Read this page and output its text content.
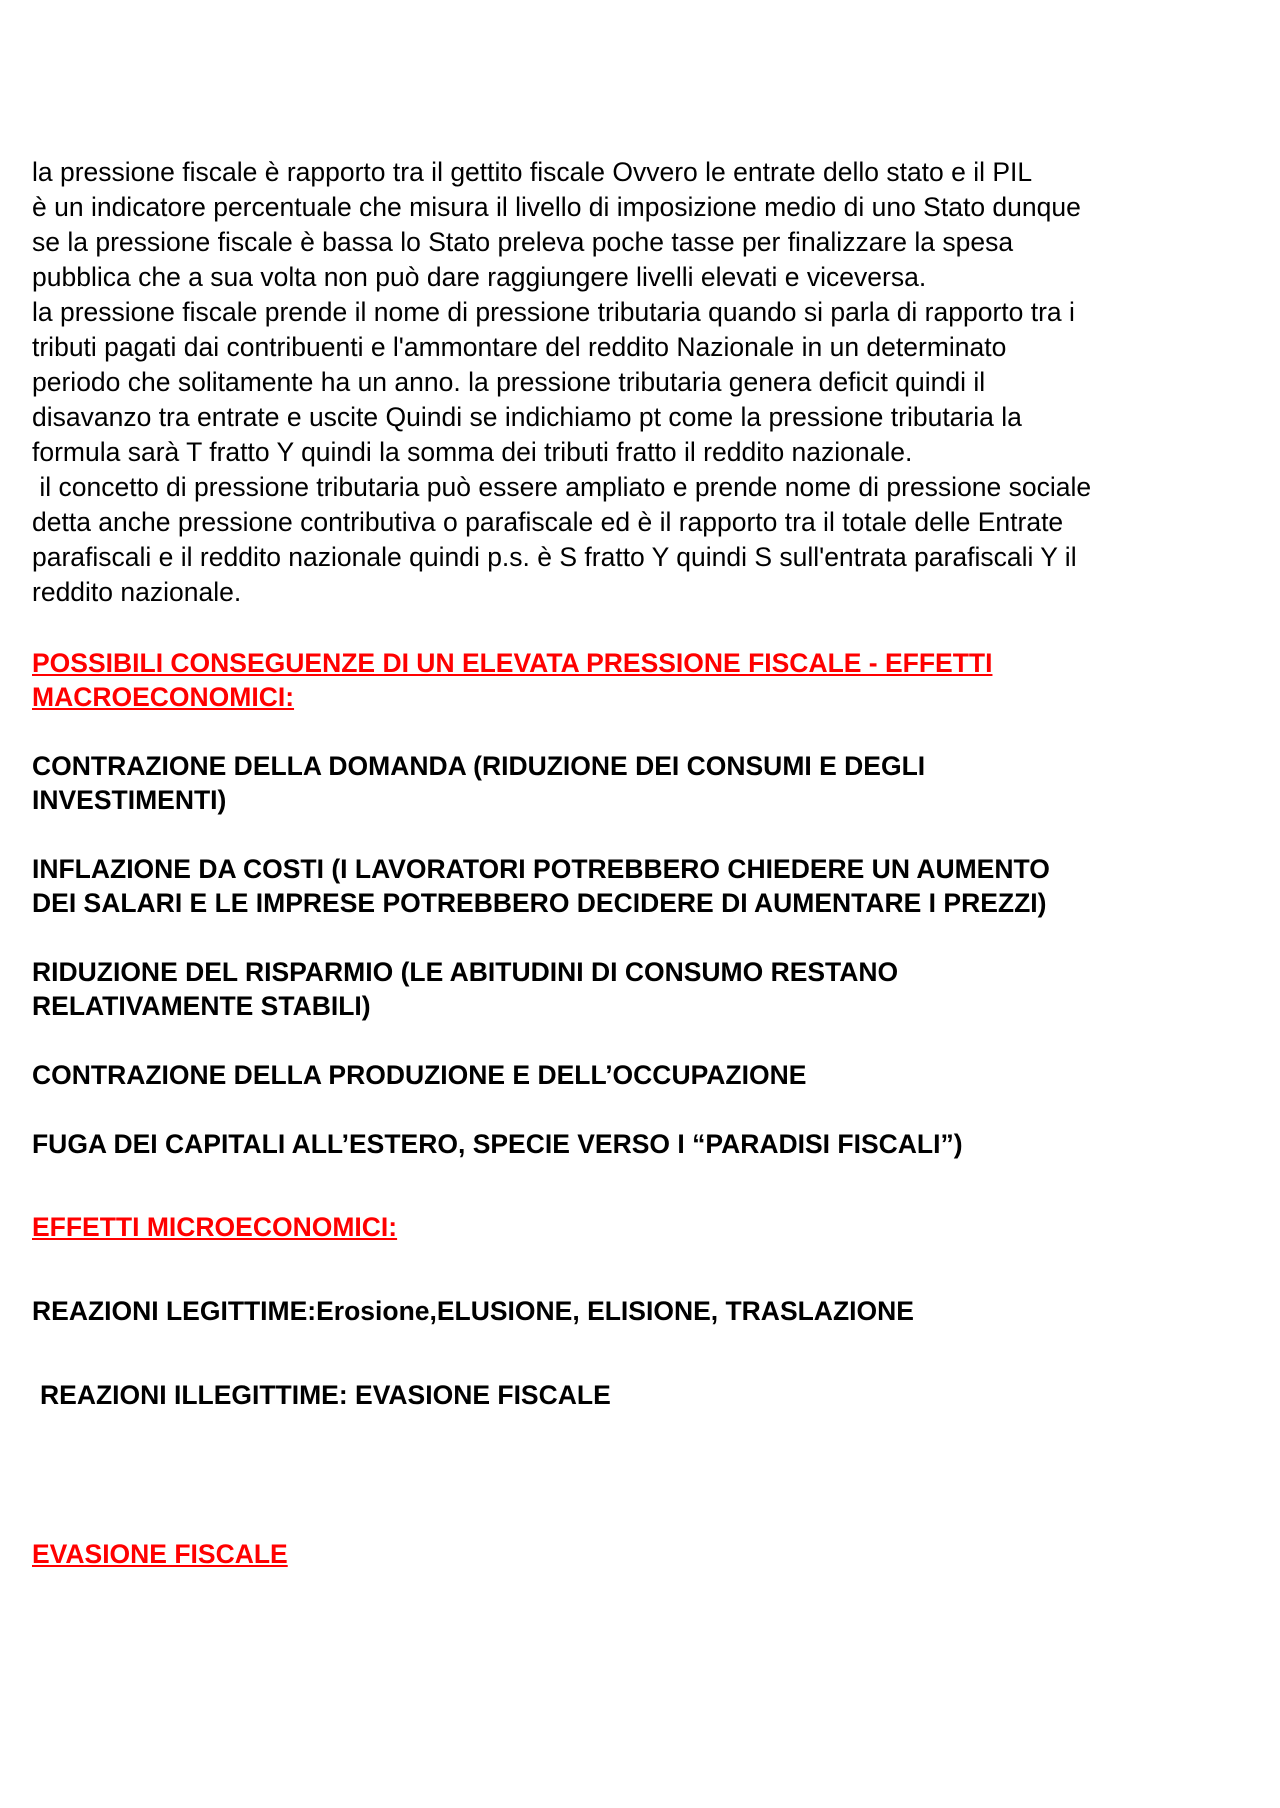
la pressione fiscale è rapporto tra il gettito fiscale Ovvero le entrate dello stato e il PIL
è un indicatore percentuale che misura il livello di imposizione medio di uno Stato dunque
se la pressione fiscale è bassa lo Stato preleva poche tasse per finalizzare la spesa
pubblica che a sua volta non può dare raggiungere livelli elevati e viceversa.
la pressione fiscale prende il nome di pressione tributaria quando si parla di rapporto tra i
tributi pagati dai contribuenti e l'ammontare del reddito Nazionale in un determinato
periodo che solitamente ha un anno. la pressione tributaria genera deficit quindi il
disavanzo tra entrate e uscite Quindi se indichiamo pt come la pressione tributaria la
formula sarà T fratto Y quindi la somma dei tributi fratto il reddito nazionale.
il concetto di pressione tributaria può essere ampliato e prende nome di pressione sociale
detta anche pressione contributiva o parafiscale ed è il rapporto tra il totale delle Entrate
parafiscali e il reddito nazionale quindi p.s. è S fratto Y quindi S sull'entrata parafiscali Y il
reddito nazionale.

POSSIBILI CONSEGUENZE DI UN ELEVATA PRESSIONE FISCALE - EFFETTI
MACROECONOMICI:

CONTRAZIONE DELLA DOMANDA (RIDUZIONE DEI CONSUMI E DEGLI
INVESTIMENTI)

INFLAZIONE DA COSTI (I LAVORATORI POTREBBERO CHIEDERE UN AUMENTO
DEI SALARI E LE IMPRESE POTREBBERO DECIDERE DI AUMENTARE I PREZZI)

RIDUZIONE DEL RISPARMIO (LE ABITUDINI DI CONSUMO RESTANO
RELATIVAMENTE STABILI)

CONTRAZIONE DELLA PRODUZIONE E DELL’OCCUPAZIONE

FUGA DEI CAPITALI ALL’ESTERO, SPECIE VERSO I “PARADISI FISCALI”)

EFFETTI MICROECONOMICI:

REAZIONI LEGITTIME:Erosione,ELUSIONE, ELISIONE, TRASLAZIONE

REAZIONI ILLEGITTIME: EVASIONE FISCALE

EVASIONE FISCALE
